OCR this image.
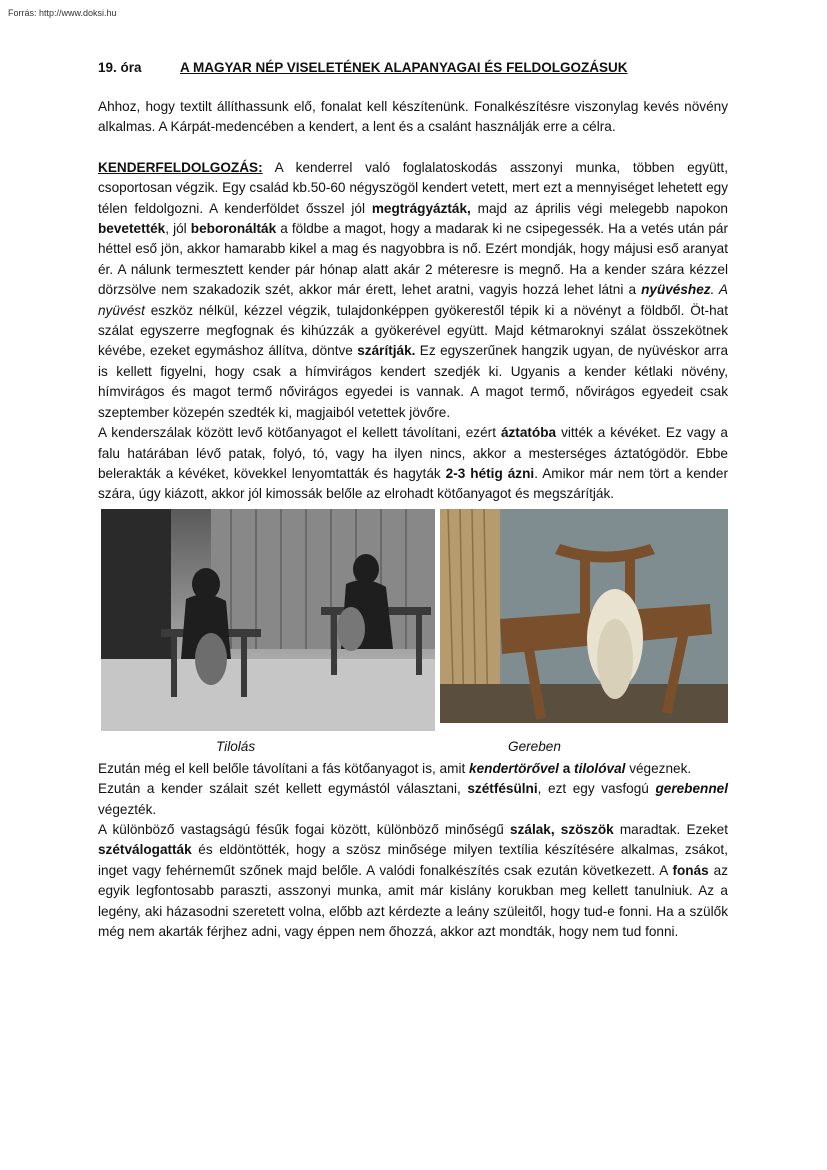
Forrás: http://www.doksi.hu
19. óra	A MAGYAR NÉP VISELETÉNEK ALAPANYAGAI ÉS FELDOLGOZÁSUK

Ahhoz, hogy textilt állíthassunk elő, fonalat kell készítenünk. Fonalkészítésre viszonylag kevés növény alkalmas. A Kárpát-medencében a kendert, a lent és a csalánt használják erre a célra.

KENDERFELDOLGOZÁS: A kenderrel való foglalatoskodás asszonyi munka, többen együtt, csoportosan végzik. Egy család kb.50-60 négyszögöl kendert vetett, mert ezt a mennyiséget lehetett egy télen feldolgozni. A kenderföldet ősszel jól megtrágyázták, majd az április végi melegebb napokon bevetették, jól beboronálták a földbe a magot, hogy a madarak ki ne csipegessék. Ha a vetés után pár héttel eső jön, akkor hamarabb kikel a mag és nagyobbra is nő. Ezért mondják, hogy májusi eső aranyat ér. A nálunk termesztett kender pár hónap alatt akár 2 méteresre is megnő. Ha a kender szára kézzel dörzsölve nem szakadozik szét, akkor már érett, lehet aratni, vagyis hozzá lehet látni a nyüvéshez. A nyüvést eszköz nélkül, kézzel végzik, tulajdonképpen gyökerestől tépik ki a növényt a földből. Öt-hat szálat egyszerre megfognak és kihúzzák a gyökerével együtt. Majd kétmaroknyi szálat összekötnek kévébe, ezeket egymáshoz állítva, döntve szárítják. Ez egyszerűnek hangzik ugyan, de nyüvéskor arra is kellett figyelni, hogy csak a hímvirágos kendert szedjék ki. Ugyanis a kender kétlaki növény, hímvirágos és magot termő nővirágos egyedei is vannak. A magot termő, nővirágos egyedeit csak szeptember közepén szedték ki, magjaiból vetettek jövőre.

A kenderszálak között levő kötőanyagot el kellett távolítani, ezért áztatóba vitték a kévéket. Ez vagy a falu határában lévő patak, folyó, tó, vagy ha ilyen nincs, akkor a mesterséges áztatógödör. Ebbe belerakták a kévéket, kövekkel lenyomtatták és hagyták 2-3 hétig ázni. Amikor már nem tört a kender szára, úgy kiázott, akkor jól kimossák belőle az elrohadt kötőanyagot és megszárítják.

Tilolás	Gereben

Ezután még el kell belőle távolítani a fás kötőanyagot is, amit kendertörővel a tilolóval végeznek.

Ezután a kender szálait szét kellett egymástól választani, szétfésülni, ezt egy vasfogú gerebennel végezték.

A különböző vastagságú fésűk fogai között, különböző minőségű szálak, szöszök maradtak. Ezeket szétválogatták és eldöntötték, hogy a szösz minősége milyen textília készítésére alkalmas, zsákot, inget vagy fehérneműt szőnek majd belőle. A valódi fonalkészítés csak ezután következett. A fonás az egyik legfontosabb paraszti, asszonyi munka, amit már kislány korukban meg kellett tanulniuk. Az a legény, aki házasodni szeretett volna, előbb azt kérdezte a leány szüleitől, hogy tud-e fonni. Ha a szülők még nem akarták férjhez adni, vagy éppen nem őhozzá, akkor azt mondták, hogy nem tud fonni.
